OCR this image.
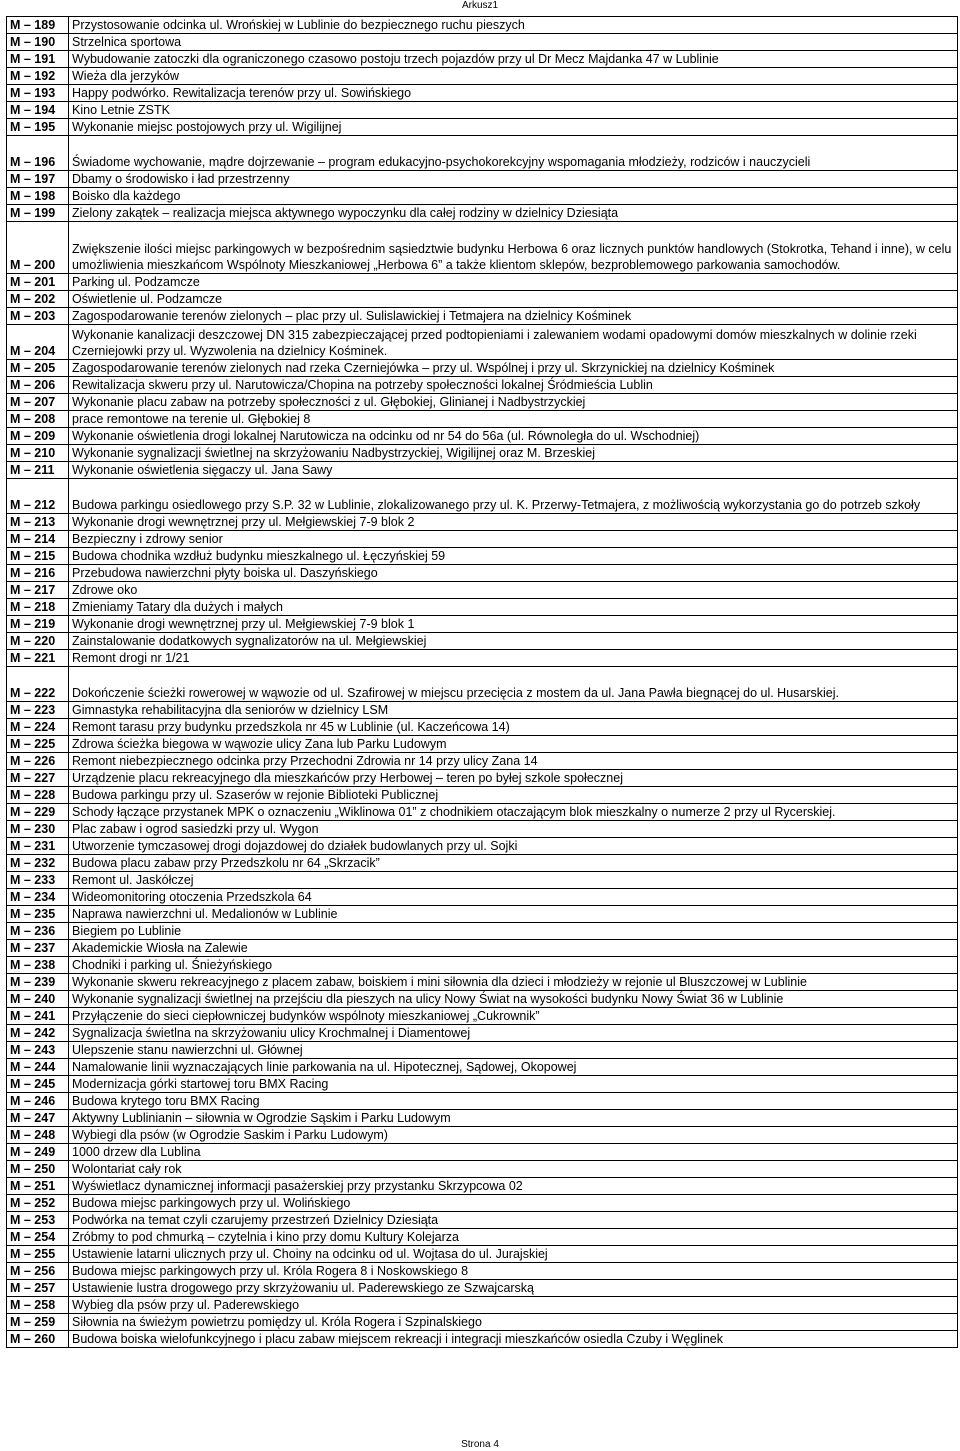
Arkusz1
M – 189	Przystosowanie odcinka ul. Wrońskiej w Lublinie do bezpiecznego ruchu pieszych
M – 190	Strzelnica sportowa
M – 191	Wybudowanie zatoczki dla ograniczonego czasowo postoju trzech pojazdów przy ul Dr Mecz Majdanka 47 w Lublinie
M – 192	Wieża dla jerzyków
M – 193	Happy podwórko. Rewitalizacja terenów przy ul. Sowińskiego
M – 194	Kino Letnie ZSTK
M – 195	Wykonanie miejsc postojowych przy ul. Wigilijnej
M – 196	Świadome wychowanie, mądre dojrzewanie – program edukacyjno-psychokorekcyjny wspomagania młodzieży, rodziców i nauczycieli
M – 197	Dbamy o środowisko i ład przestrzenny
M – 198	Boisko dla każdego
M – 199	Zielony zakątek – realizacja miejsca aktywnego wypoczynku dla całej rodziny w dzielnicy Dziesiąta
M – 200	Zwiększenie ilości miejsc parkingowych w bezpośrednim sąsiedztwie budynku Herbowa 6 oraz licznych punktów handlowych (Stokrotka, Tehand i inne), w celu umożliwienia mieszkańcom Wspólnoty Mieszkaniowej „Herbowa 6” a także klientom sklepów, bezproblemowego parkowania samochodów.
M – 201	Parking ul. Podzamcze
M – 202	Oświetlenie ul. Podzamcze
M – 203	Zagospodarowanie terenów zielonych – plac przy ul. Sulislawickiej i Tetmajera na dzielnicy Kośminek
M – 204	Wykonanie kanalizacji deszczowej DN 315 zabezpieczającej przed podtopieniami i zalewaniem wodami opadowymi domów mieszkalnych w dolinie rzeki Czerniejowki przy ul. Wyzwolenia na dzielnicy Kośminek.
M – 205	Zagospodarowanie terenów zielonych nad rzeka Czerniejówka – przy ul. Wspólnej i przy ul. Skrzynickiej na dzielnicy Kośminek
M – 206	Rewitalizacja skweru przy ul. Narutowicza/Chopina na potrzeby społeczności lokalnej Śródmieścia Lublin
M – 207	Wykonanie placu zabaw na potrzeby społeczności z ul. Głębokiej, Glinianej i Nadbystrzyckiej
M – 208	prace remontowe na terenie ul. Głębokiej 8
M – 209	Wykonanie oświetlenia drogi lokalnej Narutowicza na odcinku od nr 54 do 56a (ul. Równoległa do ul. Wschodniej)
M – 210	Wykonanie sygnalizacji świetlnej na skrzyżowaniu Nadbystrzyckiej, Wigilijnej oraz M. Brzeskiej
M – 211	Wykonanie oświetlenia sięgaczy ul. Jana Sawy
M – 212	Budowa parkingu osiedlowego przy S.P. 32 w Lublinie, zlokalizowanego przy ul. K. Przerwy-Tetmajera, z możliwością wykorzystania go do potrzeb szkoły
M – 213	Wykonanie drogi wewnętrznej przy ul. Mełgiewskiej 7-9 blok 2
M – 214	Bezpieczny i zdrowy senior
M – 215	Budowa chodnika wzdłuż budynku mieszkalnego ul. Łęczyńskiej 59
M – 216	Przebudowa nawierzchni płyty boiska ul. Daszyńskiego
M – 217	Zdrowe oko
M – 218	Zmieniamy Tatary dla dużych i małych
M – 219	Wykonanie drogi wewnętrznej przy ul. Mełgiewskiej 7-9 blok 1
M – 220	Zainstalowanie dodatkowych sygnalizatorów na ul. Mełgiewskiej
M – 221	Remont drogi nr 1/21
M – 222	Dokończenie ścieżki rowerowej w wąwozie od ul. Szafirowej w miejscu przecięcia z mostem da ul. Jana Pawła biegnącej do ul. Husarskiej.
M – 223	Gimnastyka rehabilitacyjna dla seniorów w dzielnicy LSM
M – 224	Remont tarasu przy budynku przedszkola nr 45 w Lublinie (ul. Kaczeńcowa 14)
M – 225	Zdrowa ścieżka biegowa w wąwozie ulicy Zana lub Parku Ludowym
M – 226	Remont niebezpiecznego odcinka przy Przechodni Zdrowia nr 14 przy ulicy Zana 14
M – 227	Urządzenie placu rekreacyjnego dla mieszkańców przy Herbowej – teren po byłej szkole społecznej
M – 228	Budowa parkingu przy ul. Szaserów w rejonie Biblioteki Publicznej
M – 229	Schody łączące przystanek MPK o oznaczeniu „Wiklinowa 01” z chodnikiem otaczającym blok mieszkalny o numerze 2 przy ul Rycerskiej.
M – 230	Plac zabaw i ogrod sasiedzki przy ul. Wygon
M – 231	Utworzenie tymczasowej drogi dojazdowej do działek budowlanych przy ul. Sojki
M – 232	Budowa placu zabaw przy Przedszkolu nr 64 „Skrzacik”
M – 233	Remont ul. Jaskółczej
M – 234	Wideomonitoring otoczenia Przedszkola 64
M – 235	Naprawa nawierzchni ul. Medalionów w Lublinie
M – 236	Biegiem po Lublinie
M – 237	Akademickie Wiosła na Zalewie
M – 238	Chodniki i parking ul. Śnieżyńskiego
M – 239	Wykonanie skweru rekreacyjnego z placem zabaw, boiskiem i mini siłownia dla dzieci i młodzieży w rejonie ul Bluszczowej w Lublinie
M – 240	Wykonanie sygnalizacji świetlnej na przejściu dla pieszych na ulicy Nowy Świat na wysokości budynku Nowy Świat 36 w Lublinie
M – 241	Przyłączenie do sieci ciepłowniczej budynków wspólnoty mieszkaniowej „Cukrownik”
M – 242	Sygnalizacja świetlna na skrzyżowaniu ulicy Krochmalnej i Diamentowej
M – 243	Ulepszenie stanu nawierzchni ul. Głównej
M – 244	Namalowanie linii wyznaczających linie parkowania na ul. Hipotecznej, Sądowej, Okopowej
M – 245	Modernizacja górki startowej toru BMX Racing
M – 246	Budowa krytego toru BMX Racing
M – 247	Aktywny Lublinianin – siłownia w Ogrodzie Sąskim i Parku Ludowym
M – 248	Wybiegi dla psów (w Ogrodzie Saskim i Parku Ludowym)
M – 249	1000 drzew dla Lublina
M – 250	Wolontariat cały rok
M – 251	Wyświetlacz dynamicznej informacji pasażerskiej przy przystanku Skrzypcowa 02
M – 252	Budowa miejsc parkingowych przy ul. Wolińskiego
M – 253	Podwórka na temat czyli czarujemy przestrzeń Dzielnicy Dziesiąta
M – 254	Zróbmy to pod chmurką – czytelnia i kino przy domu Kultury Kolejarza
M – 255	Ustawienie latarni ulicznych przy ul. Choiny na odcinku od ul. Wojtasa do ul. Jurajskiej
M – 256	Budowa miejsc parkingowych przy ul. Króla Rogera 8 i Noskowskiego 8
M – 257	Ustawienie lustra drogowego przy skrzyżowaniu ul. Paderewskiego ze Szwajcarską
M – 258	Wybieg dla psów przy ul. Paderewskiego
M – 259	Siłownia na świeżym powietrzu pomiędzy ul. Króla Rogera i Szpinalskiego
M – 260	Budowa boiska wielofunkcyjnego i placu zabaw miejscem rekreacji i integracji mieszkańców osiedla Czuby i Węglinek
Strona 4
